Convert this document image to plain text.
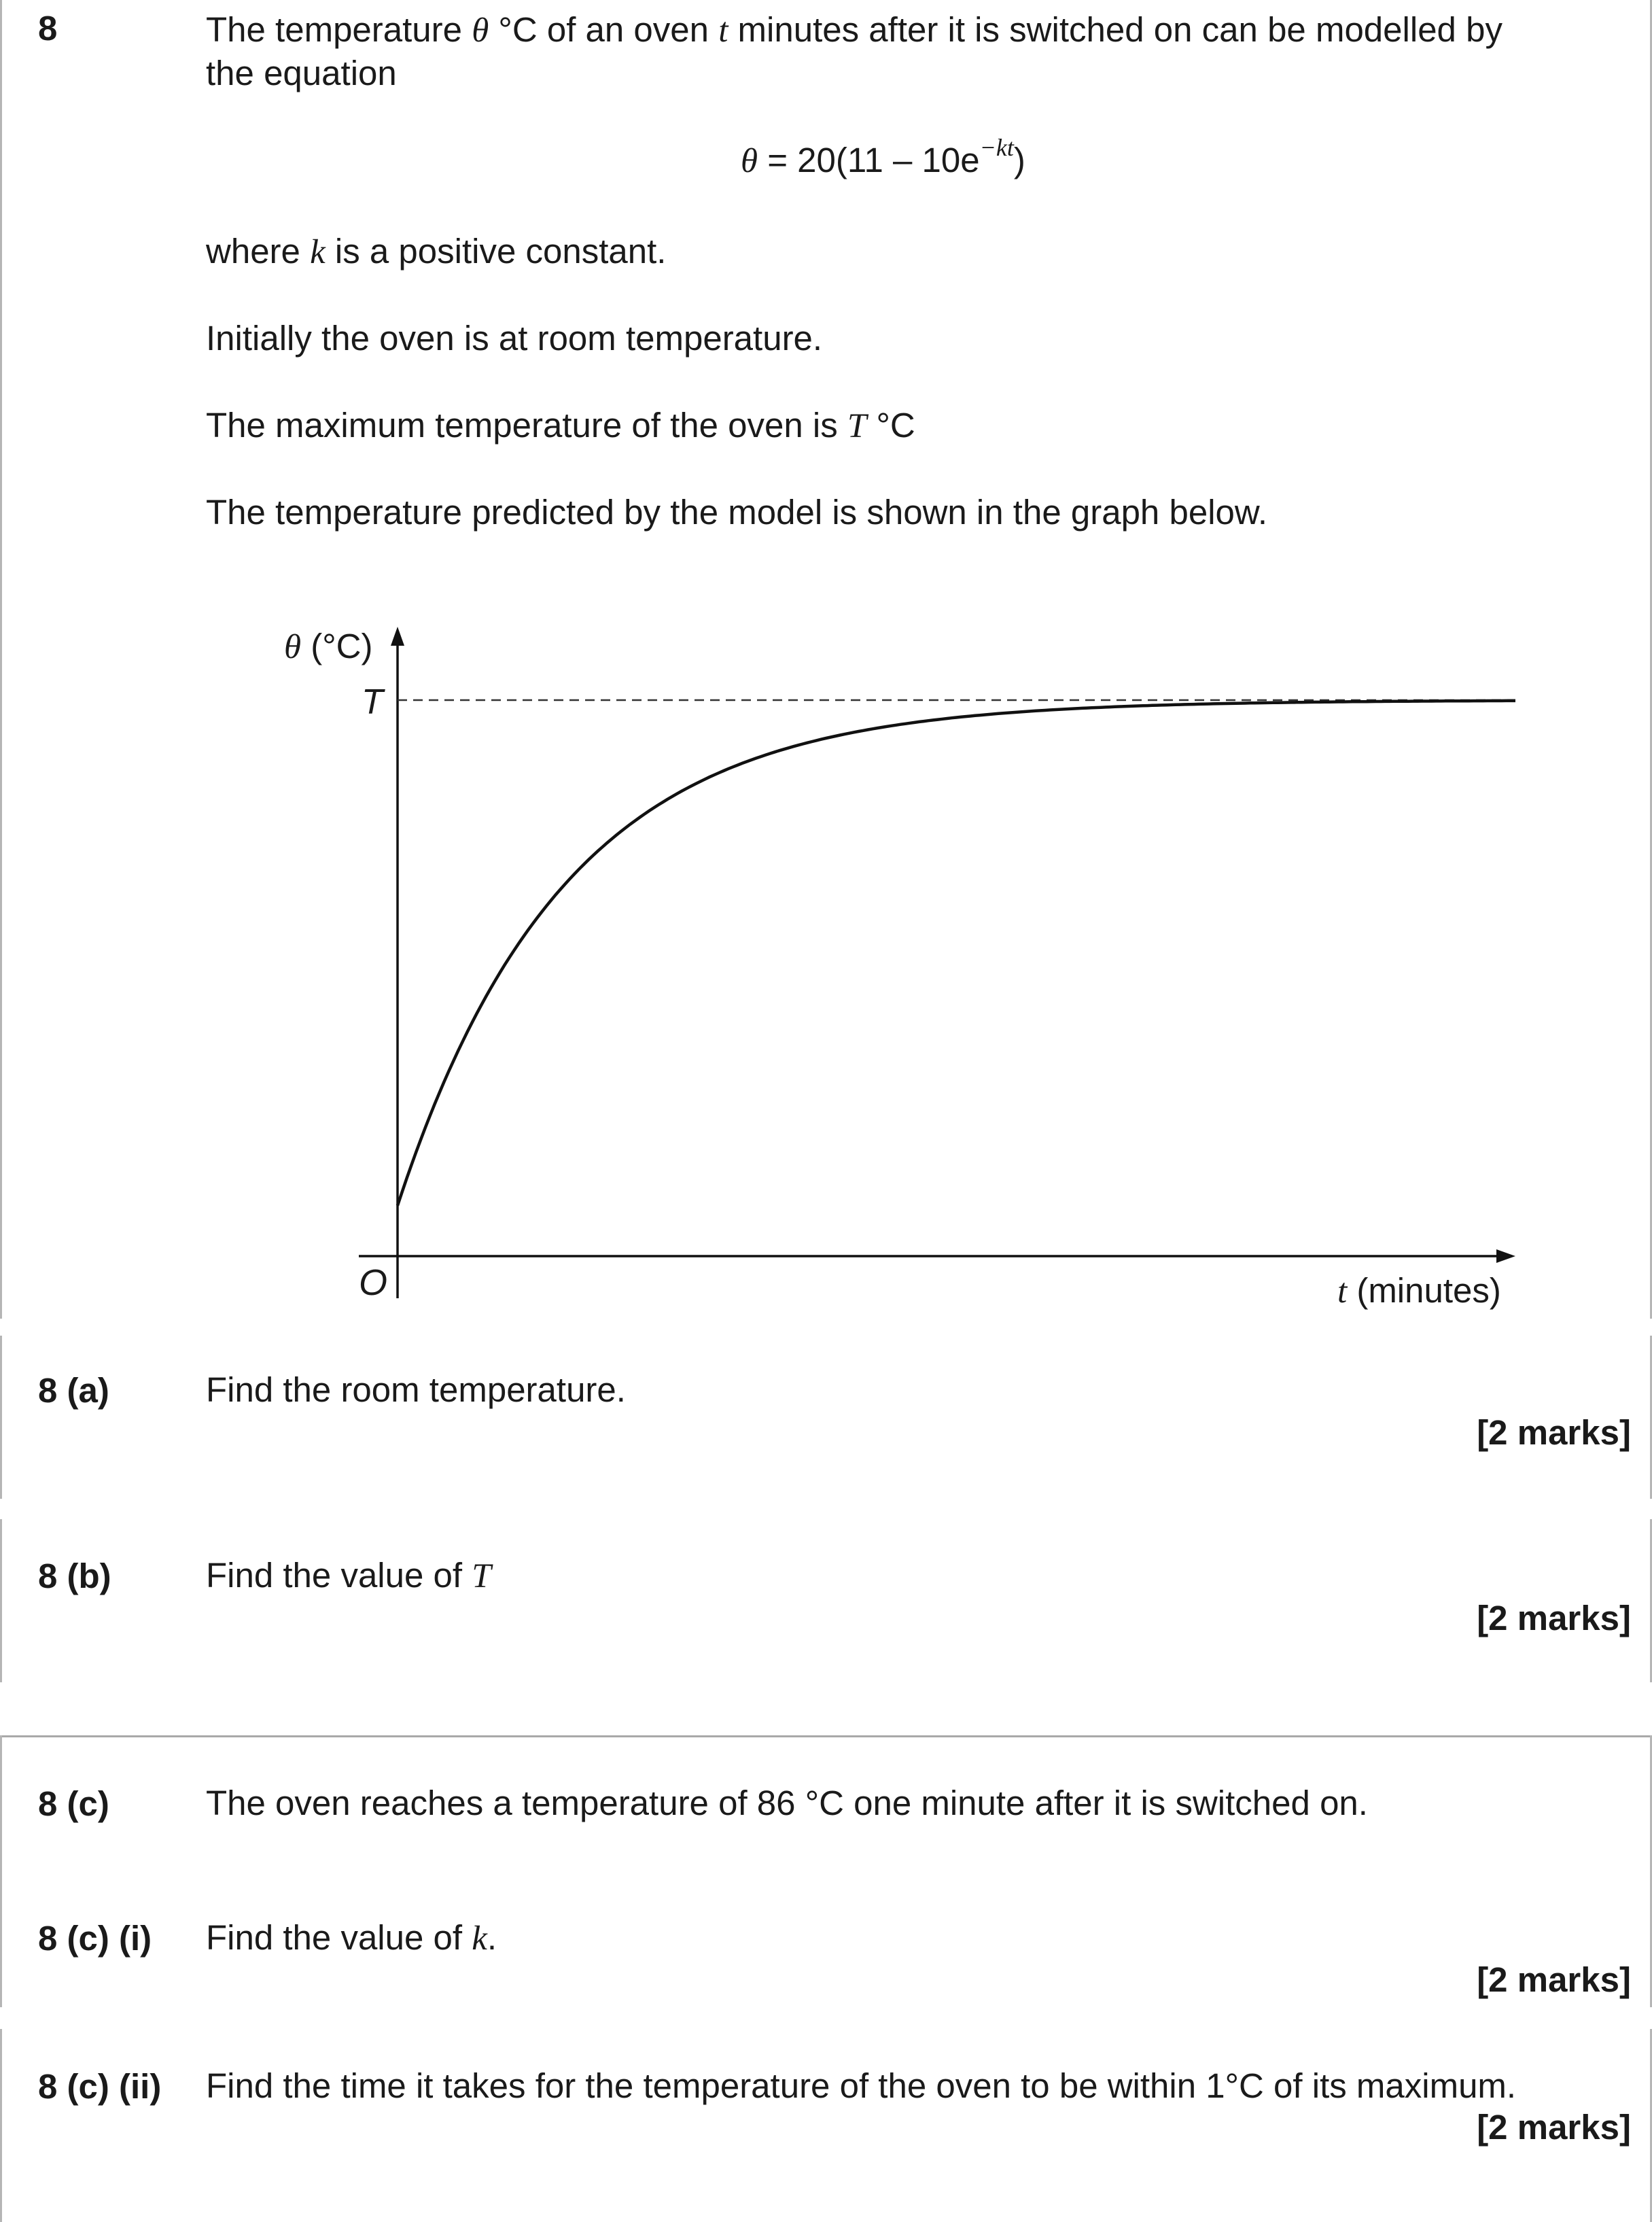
8	The temperature θ °C of an oven t minutes after it is switched on can be modelled by
the equation
$\theta = 20(11 - 10e^{-kt})$
where k is a positive constant.
Initially the oven is at room temperature.
The maximum temperature of the oven is T °C
The temperature predicted by the model is shown in the graph below.
θ (°C)
T
O	t (minutes)
8 (a)	Find the room temperature.
[2 marks]
8 (b)	Find the value of T
[2 marks]
8 (c)	The oven reaches a temperature of 86 °C one minute after it is switched on.
8 (c) (i) Find the value of k.
[2 marks]
8 (c) (ii) Find the time it takes for the temperature of the oven to be within 1°C of its maximum.
[2 marks]
